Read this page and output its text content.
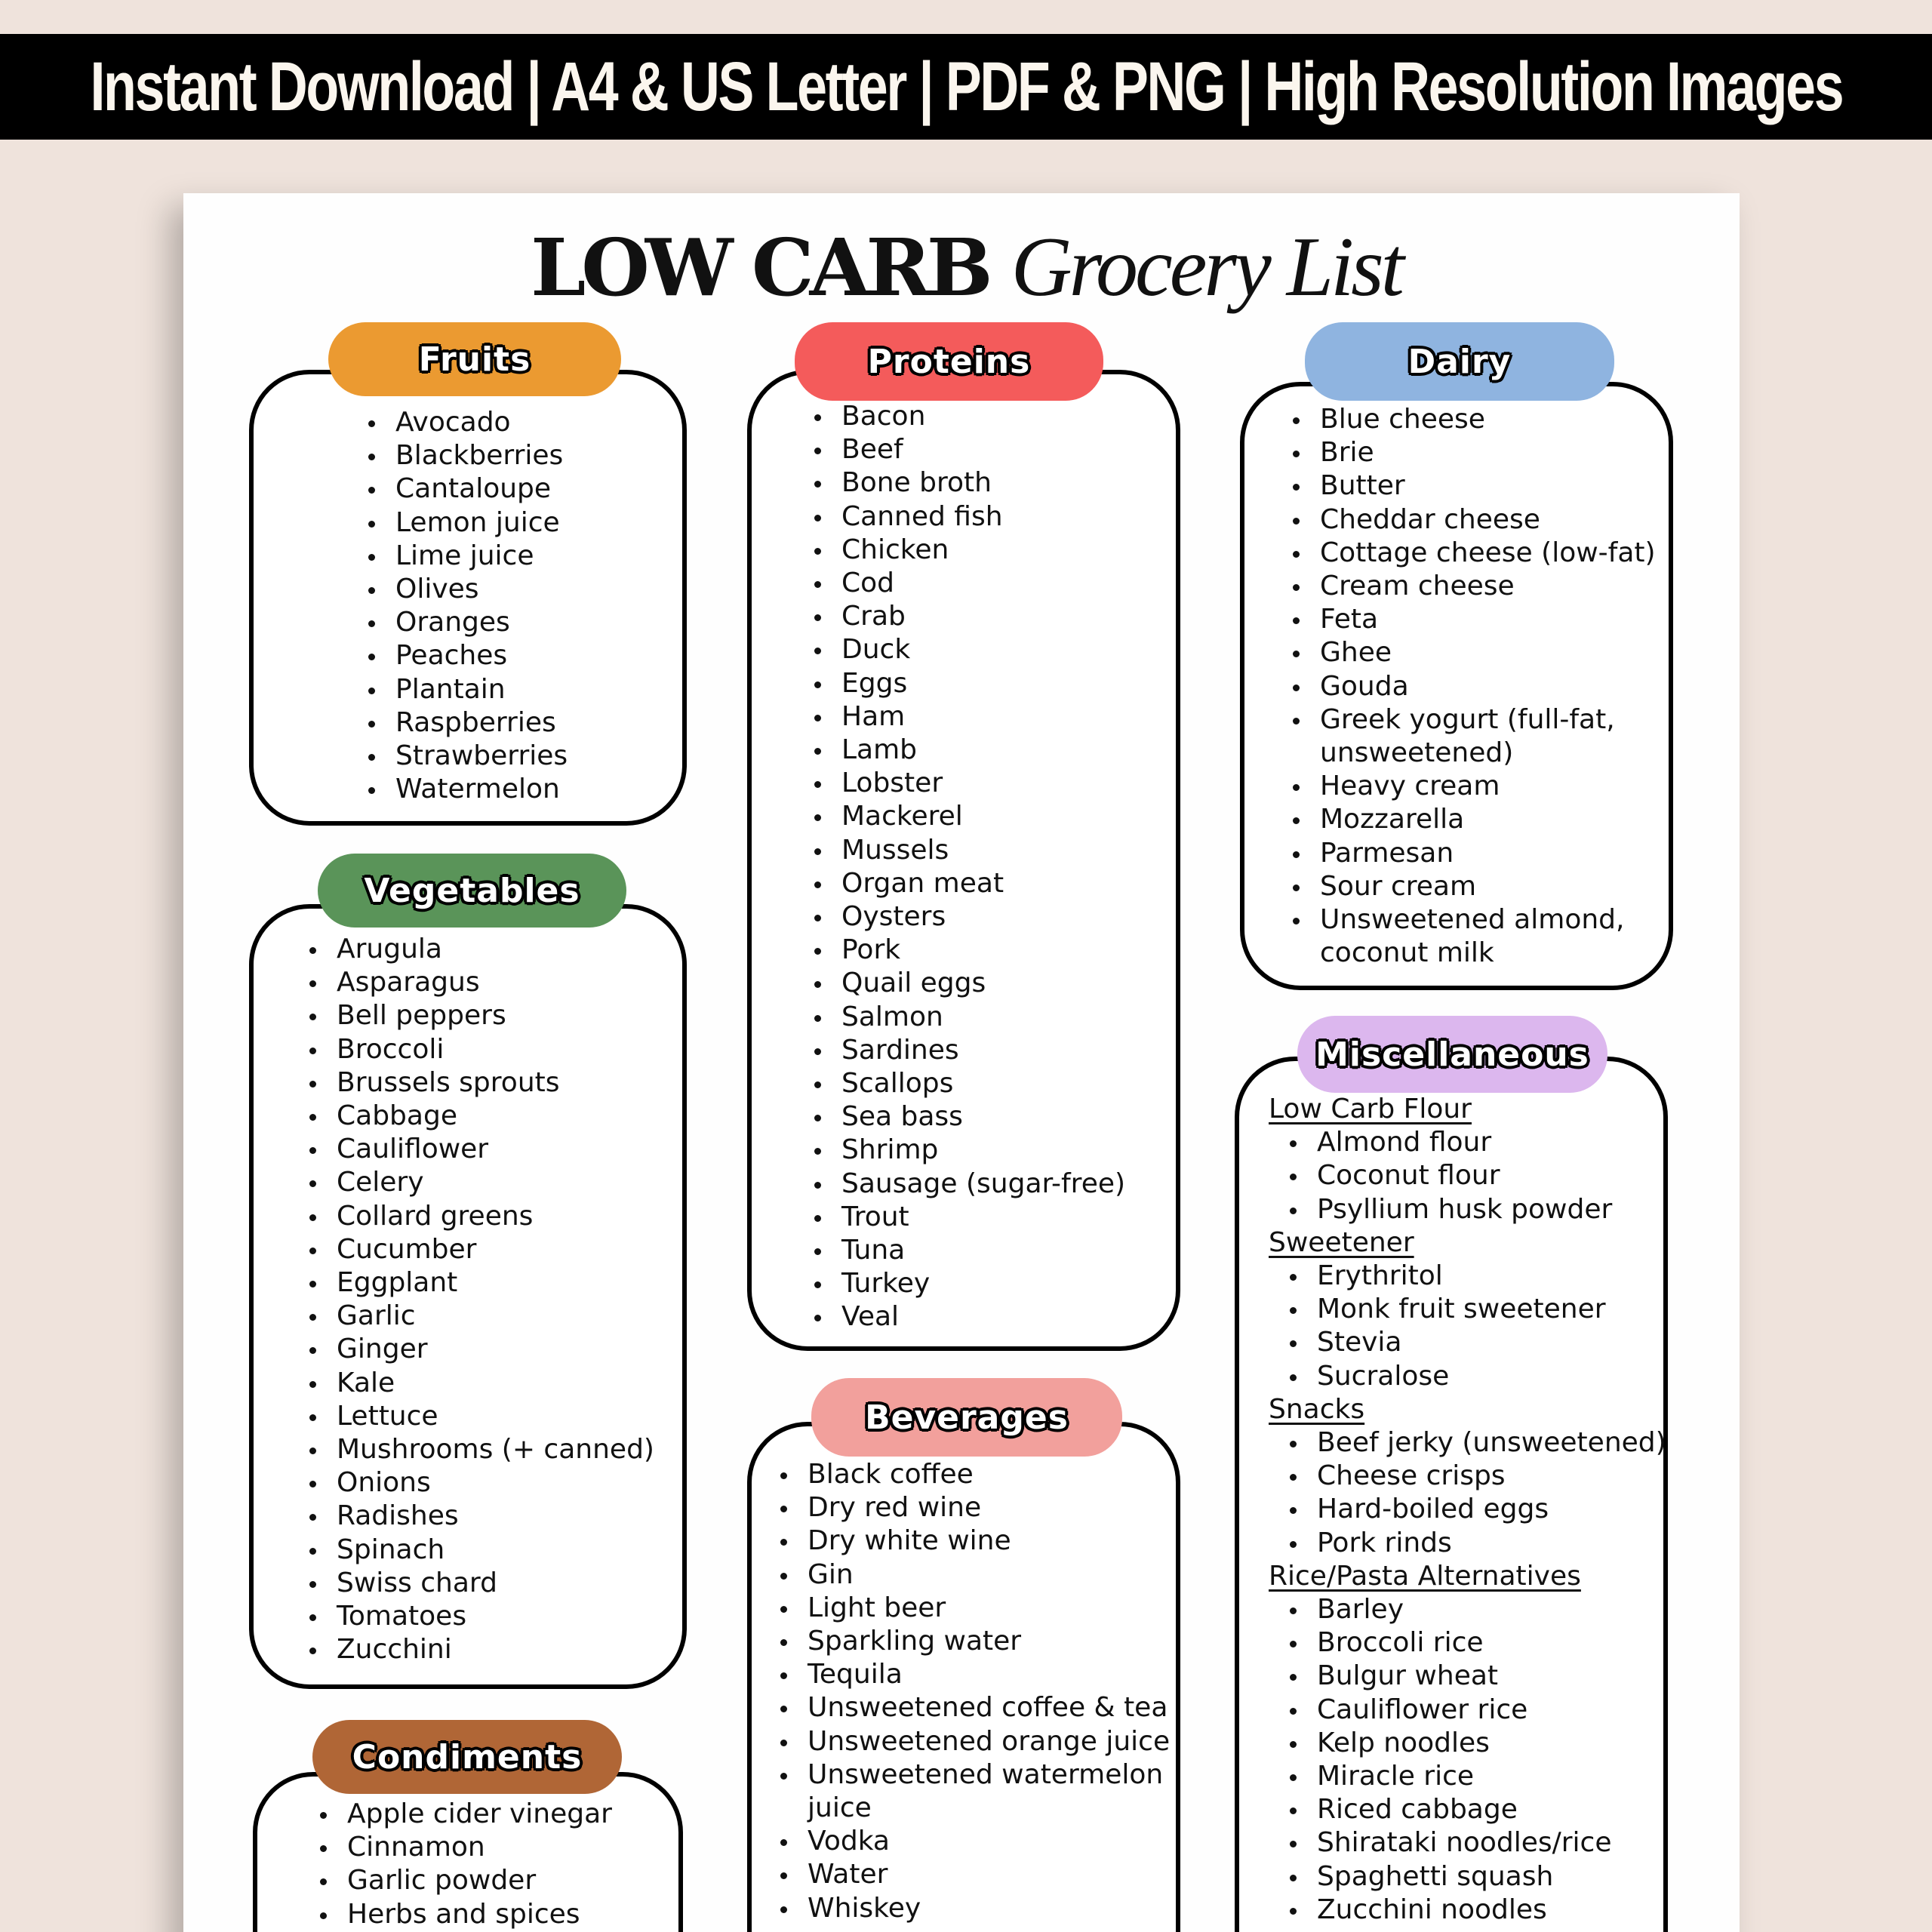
Instant Download | A4 & US Letter | PDF & PNG | High Resolution Images
LOW CARB Grocery List
Fruits
Avocado
Blackberries
Cantaloupe
Lemon juice
Lime juice
Olives
Oranges
Peaches
Plantain
Raspberries
Strawberries
Watermelon
Vegetables
Arugula
Asparagus
Bell peppers
Broccoli
Brussels sprouts
Cabbage
Cauliflower
Celery
Collard greens
Cucumber
Eggplant
Garlic
Ginger
Kale
Lettuce
Mushrooms (+ canned)
Onions
Radishes
Spinach
Swiss chard
Tomatoes
Zucchini
Condiments
Apple cider vinegar
Cinnamon
Garlic powder
Herbs and spices
Proteins
Bacon
Beef
Bone broth
Canned fish
Chicken
Cod
Crab
Duck
Eggs
Ham
Lamb
Lobster
Mackerel
Mussels
Organ meat
Oysters
Pork
Quail eggs
Salmon
Sardines
Scallops
Sea bass
Shrimp
Sausage (sugar-free)
Trout
Tuna
Turkey
Veal
Beverages
Black coffee
Dry red wine
Dry white wine
Gin
Light beer
Sparkling water
Tequila
Unsweetened coffee & tea
Unsweetened orange juice
Unsweetened watermelon
juice
Vodka
Water
Whiskey
Dairy
Blue cheese
Brie
Butter
Cheddar cheese
Cottage cheese (low-fat)
Cream cheese
Feta
Ghee
Gouda
Greek yogurt (full-fat,
unsweetened)
Heavy cream
Mozzarella
Parmesan
Sour cream
Unsweetened almond,
coconut milk
Miscellaneous
Low Carb Flour
Almond flour
Coconut flour
Psyllium husk powder
Sweetener
Erythritol
Monk fruit sweetener
Stevia
Sucralose
Snacks
Beef jerky (unsweetened)
Cheese crisps
Hard-boiled eggs
Pork rinds
Rice/Pasta Alternatives
Barley
Broccoli rice
Bulgur wheat
Cauliflower rice
Kelp noodles
Miracle rice
Riced cabbage
Shirataki noodles/rice
Spaghetti squash
Zucchini noodles
